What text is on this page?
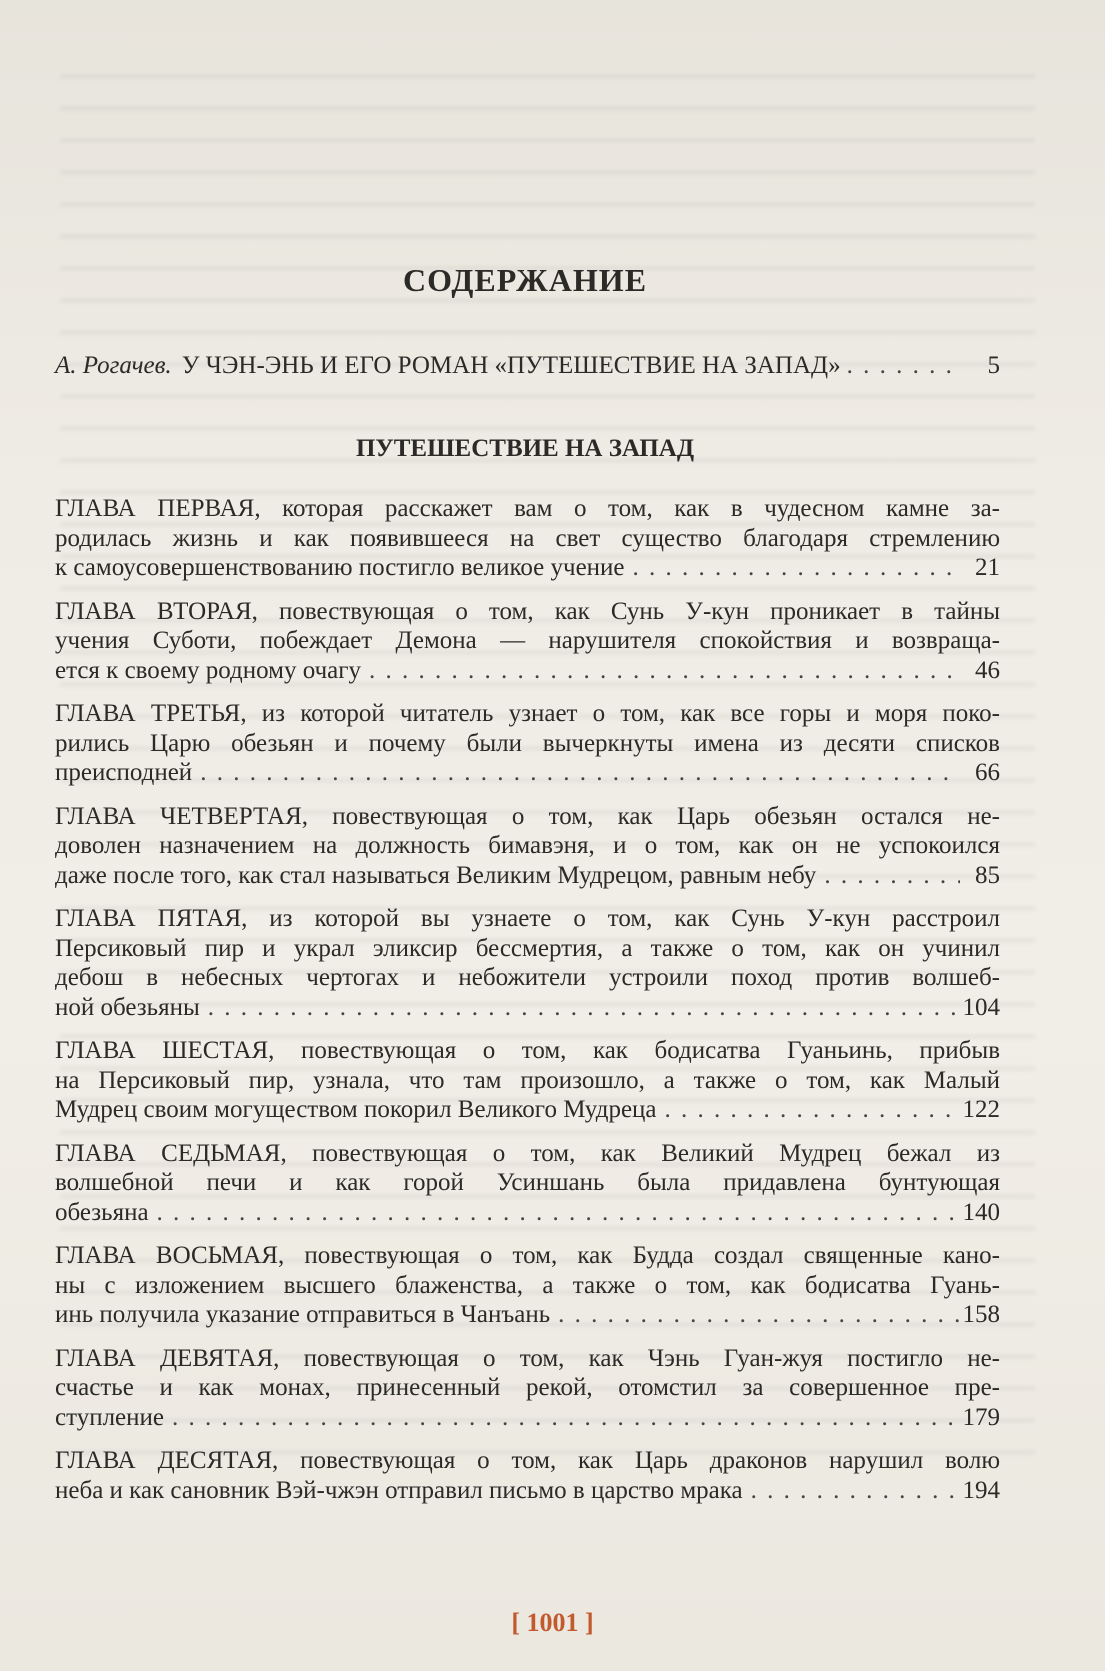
СОДЕРЖАНИЕ
А. Рогачев. У ЧЭН-ЭНЬ И ЕГО РОМАН «ПУТЕШЕСТВИЕ НА ЗАПАД» . . .	5
ПУТЕШЕСТВИЕ НА ЗАПАД
ГЛАВА ПЕРВАЯ, которая расскажет вам о том, как в чудесном камне за-
родилась жизнь и как появившееся на свет существо благодаря стремлению
к самоусовершенствованию постигло великое учение . . .	21
ГЛАВА ВТОРАЯ, повествующая о том, как Сунь У-кун проникает в тайны
учения Суботи, побеждает Демона — нарушителя спокойствия и возвраща-
ется к своему родному очагу . . .	46
ГЛАВА ТРЕТЬЯ, из которой читатель узнает о том, как все горы и моря поко-
рились Царю обезьян и почему были вычеркнуты имена из десяти списков
преисподней . . .	66
ГЛАВА ЧЕТВЕРТАЯ, повествующая о том, как Царь обезьян остался не-
доволен назначением на должность бимавэня, и о том, как он не успокоился
даже после того, как стал называться Великим Мудрецом, равным небу . . .	85
ГЛАВА ПЯТАЯ, из которой вы узнаете о том, как Сунь У-кун расстроил
Персиковый пир и украл эликсир бессмертия, а также о том, как он учинил
дебош в небесных чертогах и небожители устроили поход против волшеб-
ной обезьяны . . .	104
ГЛАВА ШЕСТАЯ, повествующая о том, как бодисатва Гуаньинь, прибыв
на Персиковый пир, узнала, что там произошло, а также о том, как Малый
Мудрец своим могуществом покорил Великого Мудреца . . .	122
ГЛАВА СЕДЬМАЯ, повествующая о том, как Великий Мудрец бежал из
волшебной печи и как горой Усиншань была придавлена бунтующая
обезьяна . . .	140
ГЛАВА ВОСЬМАЯ, повествующая о том, как Будда создал священные кано-
ны с изложением высшего блаженства, а также о том, как бодисатва Гуань-
инь получила указание отправиться в Чанъань . . .	158
ГЛАВА ДЕВЯТАЯ, повествующая о том, как Чэнь Гуан-жуя постигло не-
счастье и как монах, принесенный рекой, отомстил за совершенное пре-
ступление . . .	179
ГЛАВА ДЕСЯТАЯ, повествующая о том, как Царь драконов нарушил волю
неба и как сановник Вэй-чжэн отправил письмо в царство мрака . . .	194
[ 1001 ]
